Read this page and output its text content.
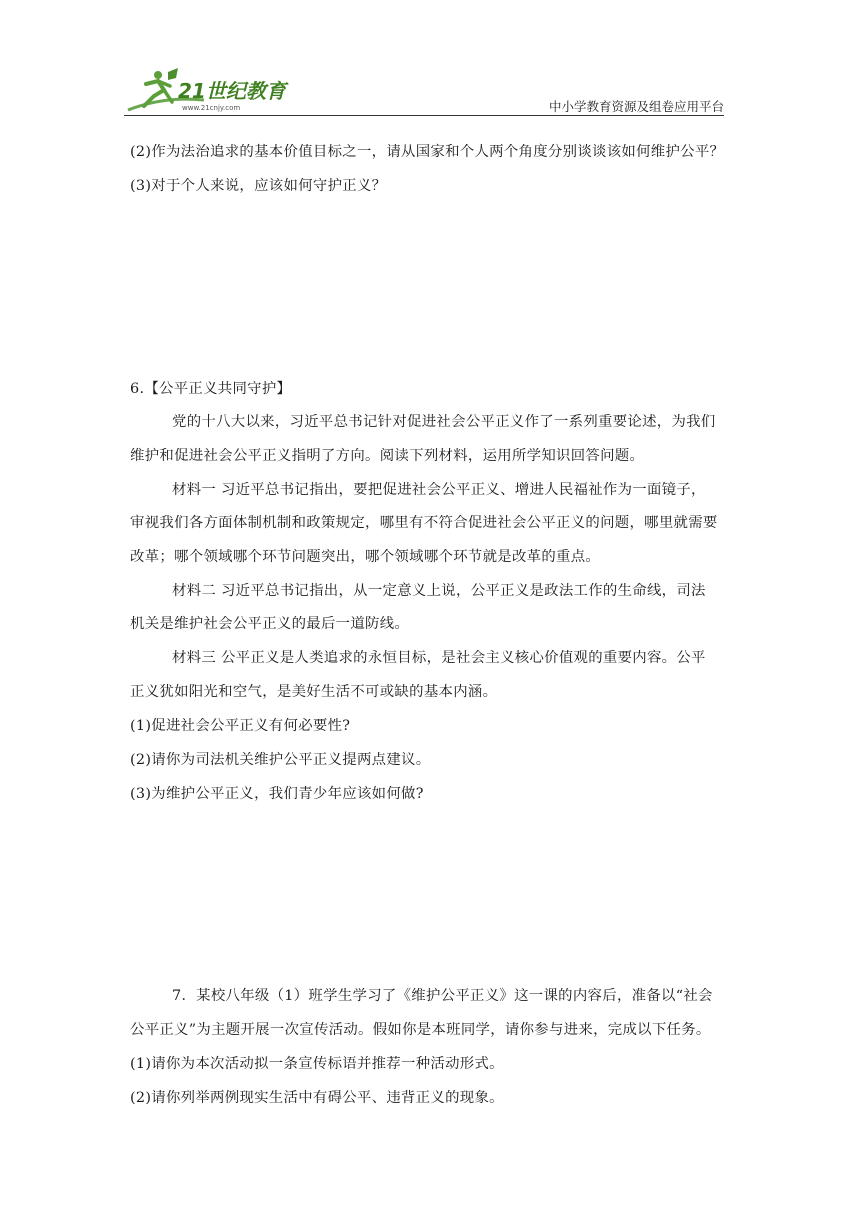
21世纪教育
www.21cnjy.com	中小学教育资源及组卷应用平台
(2)作为法治追求的基本价值目标之一，请从国家和个人两个角度分别谈谈该如何维护公平？
(3)对于个人来说，应该如何守护正义？
6.【公平正义共同守护】
党的十八大以来，习近平总书记针对促进社会公平正义作了一系列重要论述，为我们
维护和促进社会公平正义指明了方向。阅读下列材料，运用所学知识回答问题。
材料一 习近平总书记指出，要把促进社会公平正义、增进人民福祉作为一面镜子，
审视我们各方面体制机制和政策规定，哪里有不符合促进社会公平正义的问题，哪里就需要
改革；哪个领域哪个环节问题突出，哪个领域哪个环节就是改革的重点。
材料二 习近平总书记指出，从一定意义上说，公平正义是政法工作的生命线，司法
机关是维护社会公平正义的最后一道防线。
材料三 公平正义是人类追求的永恒目标，是社会主义核心价值观的重要内容。公平
正义犹如阳光和空气，是美好生活不可或缺的基本内涵。
(1)促进社会公平正义有何必要性?
(2)请你为司法机关维护公平正义提两点建议。
(3)为维护公平正义，我们青少年应该如何做?
7．某校八年级（1）班学生学习了《维护公平正义》这一课的内容后，准备以“社会
公平正义”为主题开展一次宣传活动。假如你是本班同学，请你参与进来，完成以下任务。
(1)请你为本次活动拟一条宣传标语并推荐一种活动形式。
(2)请你列举两例现实生活中有碍公平、违背正义的现象。
